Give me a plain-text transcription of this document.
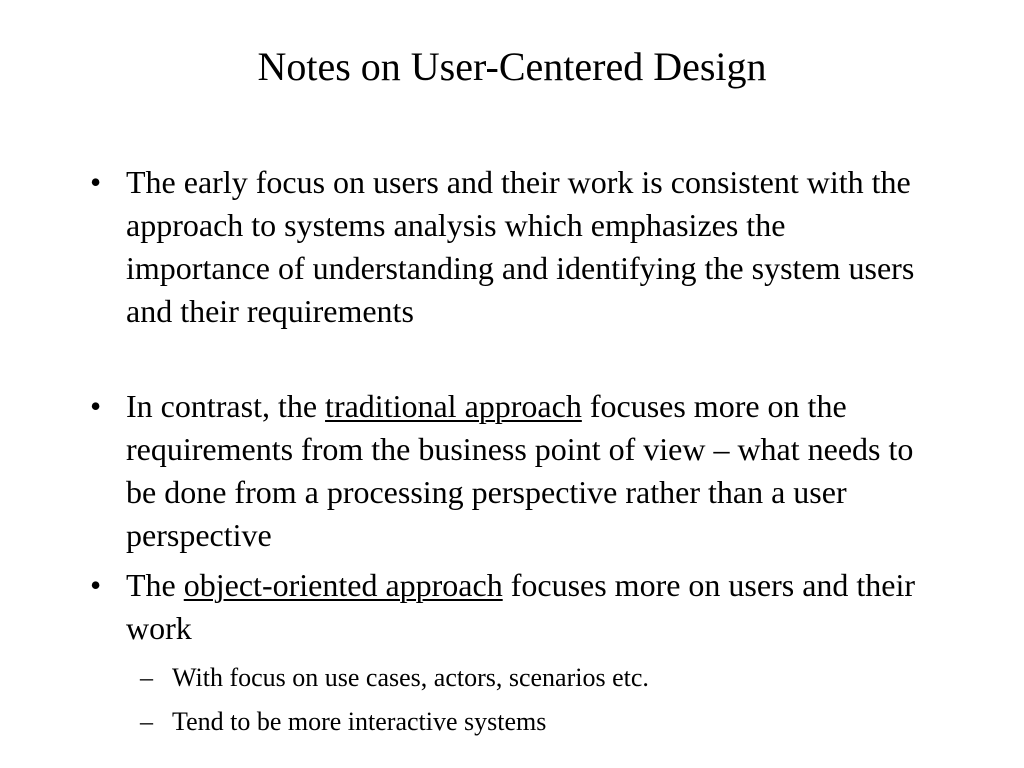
Notes on User-Centered Design
• The early focus on users and their work is consistent with the approach to systems analysis which emphasizes the importance of understanding and identifying the system users and their requirements
• In contrast, the traditional approach focuses more on the requirements from the business point of view – what needs to be done from a processing perspective rather than a user perspective
• The object-oriented approach focuses more on users and their work
– With focus on use cases, actors, scenarios etc.
– Tend to be more interactive systems
